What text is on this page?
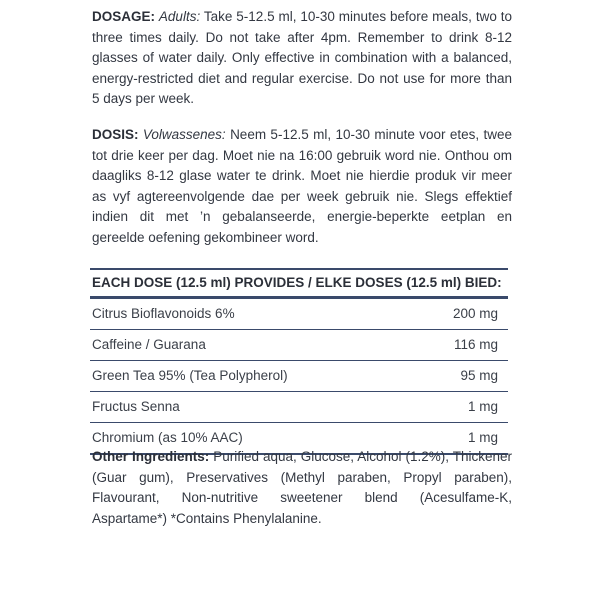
DOSAGE: Adults: Take 5-12.5 ml, 10-30 minutes before meals, two to three times daily. Do not take after 4pm. Remember to drink 8-12 glasses of water daily. Only effective in combination with a balanced, energy-restricted diet and regular exercise. Do not use for more than 5 days per week.
DOSIS: Volwassenes: Neem 5-12.5 ml, 10-30 minute voor etes, twee tot drie keer per dag. Moet nie na 16:00 gebruik word nie. Onthou om daagliks 8-12 glase water te drink. Moet nie hierdie produk vir meer as vyf agtereenvolgende dae per week gebruik nie. Slegs effektief indien dit met ’n gebalanseerde, energie-beperkte eetplan en gereelde oefening gekombineer word.
EACH DOSE (12.5 ml) PROVIDES / ELKE DOSES (12.5 ml) BIED:
Citrus Bioflavonoids 6%	200 mg
Caffeine / Guarana	116 mg
Green Tea 95% (Tea Polypherol)	95 mg
Fructus Senna	1 mg
Chromium (as 10% AAC)	1 mg
Other Ingredients: Purified aqua, Glucose, Alcohol (1.2%), Thickener (Guar gum), Preservatives (Methyl paraben, Propyl paraben), Flavourant, Non-nutritive sweetener blend (Acesulfame-K, Aspartame*) *Contains Phenylalanine.
